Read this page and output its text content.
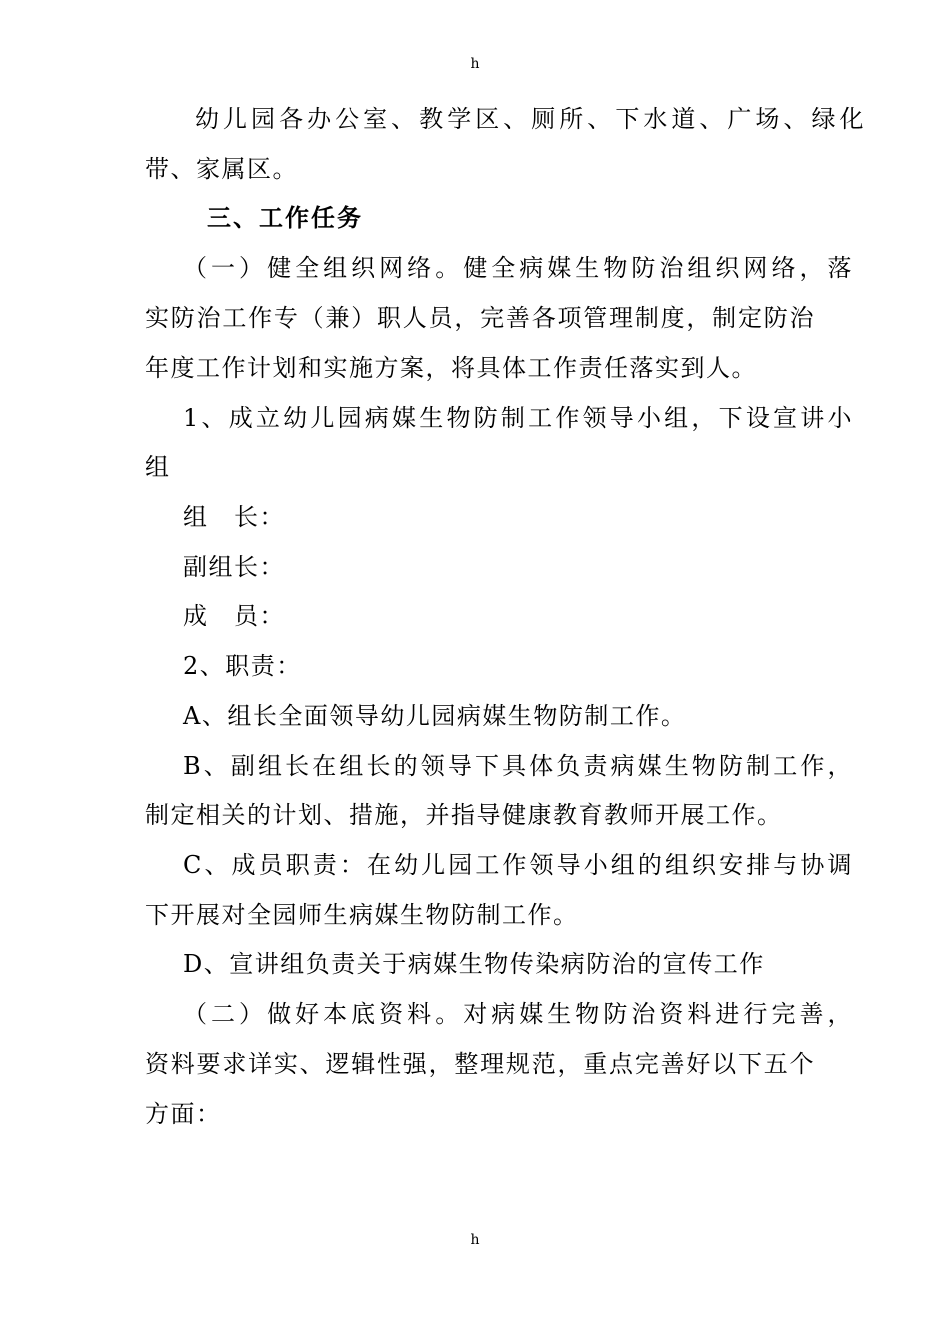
h
幼儿园各办公室、教学区、厕所、下水道、广场、绿化
带、家属区。
三、工作任务
（一）健全组织网络。健全病媒生物防治组织网络，落
实防治工作专（兼）职人员，完善各项管理制度，制定防治
年度工作计划和实施方案，将具体工作责任落实到人。
1、成立幼儿园病媒生物防制工作领导小组，下设宣讲小
组
组　长：
副组长：
成　员：
2、职责：
A、组长全面领导幼儿园病媒生物防制工作。
B、副组长在组长的领导下具体负责病媒生物防制工作，
制定相关的计划、措施，并指导健康教育教师开展工作。
C、成员职责：在幼儿园工作领导小组的组织安排与协调
下开展对全园师生病媒生物防制工作。
D、宣讲组负责关于病媒生物传染病防治的宣传工作
（二）做好本底资料。对病媒生物防治资料进行完善，
资料要求详实、逻辑性强，整理规范，重点完善好以下五个
方面：
h
